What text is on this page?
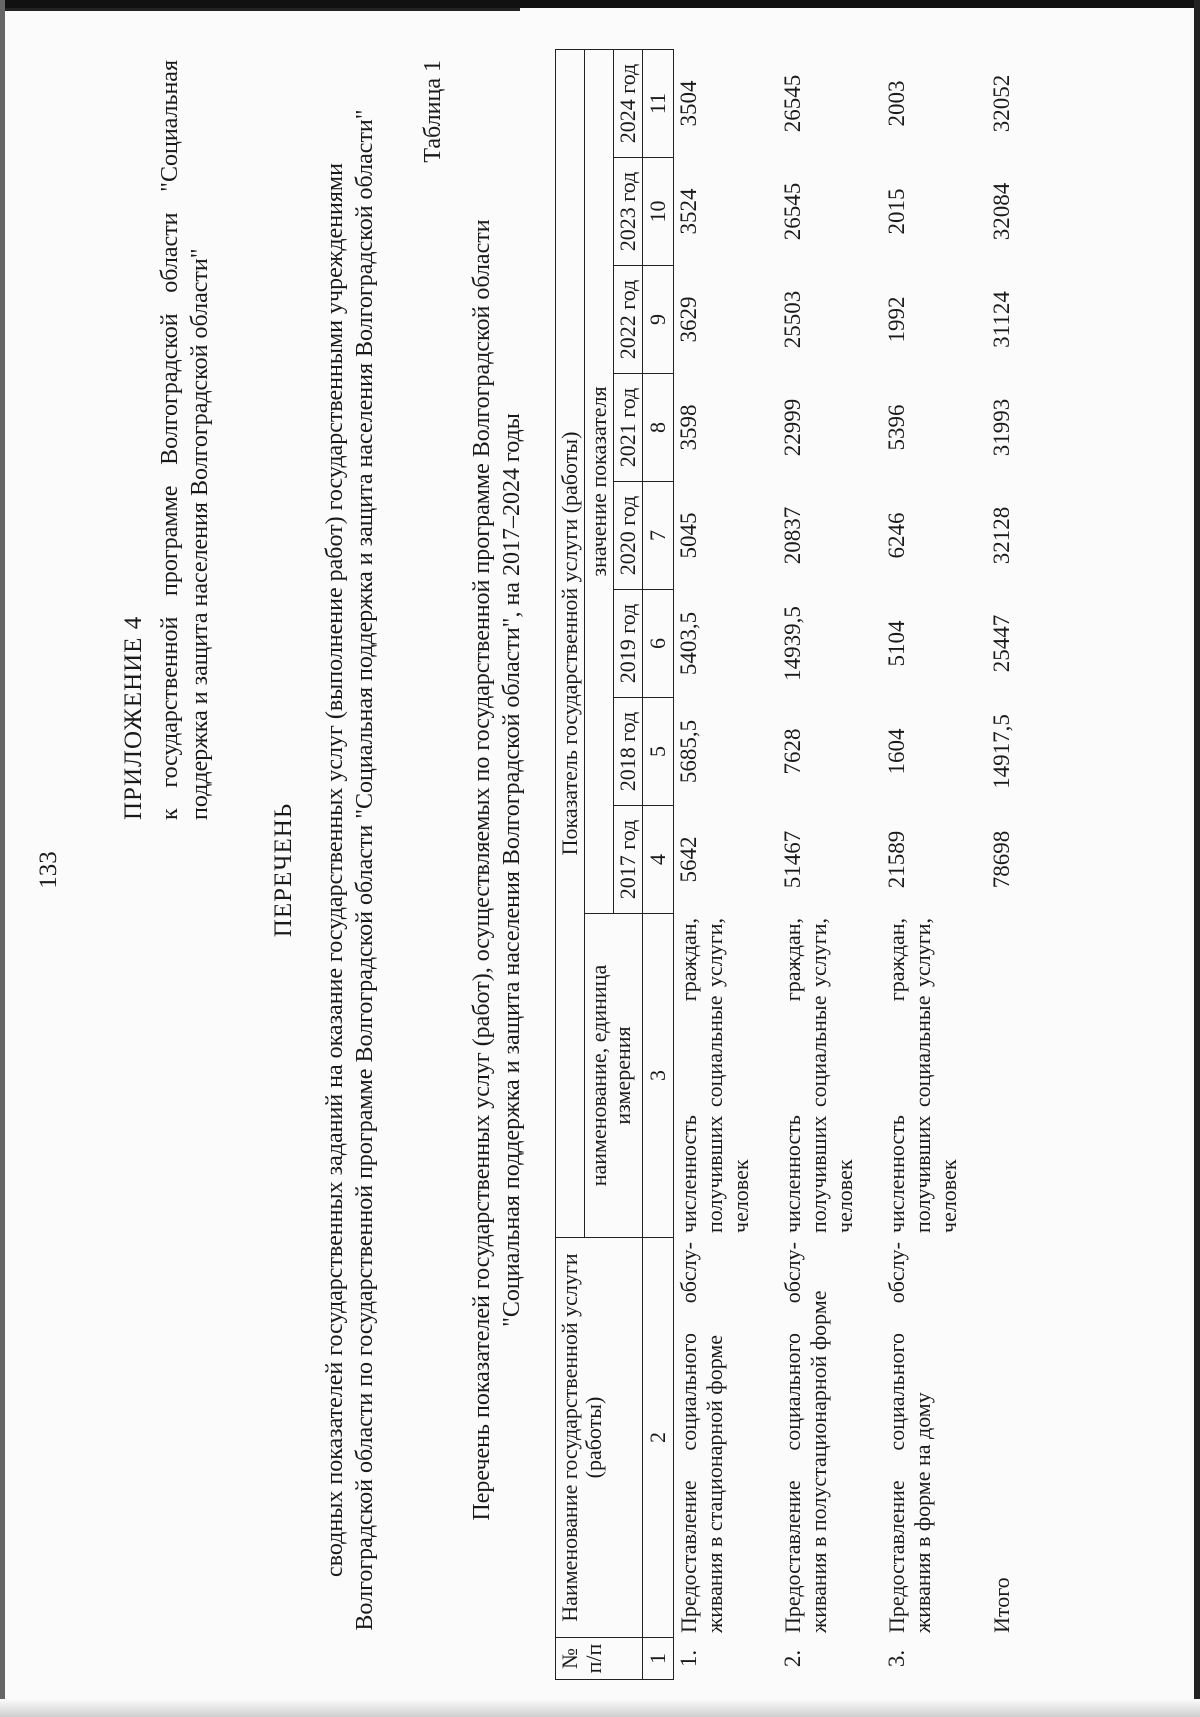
133
ПРИЛОЖЕНИЕ 4 к государственной программе Волгоградской области "Социальная поддержка и защита населения Волгоградской области"
ПЕРЕЧЕНЬ сводных показателей государственных заданий на оказание государственных услуг (выполнение работ) государственными учреждениями Волгоградской области по государственной программе Волгоградской области "Социальная поддержка и защита населения Волгоградской области" Таблица 1
Перечень показателей государственных услуг (работ), осуществляемых по государственной программе Волгоградской области "Социальная поддержка и защита населения Волгоградской области", на 2017–2024 годы
№ п/п	Наименование государственной услуги (работы)	Показатель государственной услуги (работы)								
		наименование, единица измерения	значение показателя							
			2017 год	2018 год	2019 год	2020 год	2021 год	2022 год	2023 год	2024 год
1	2	3	4	5	6	7	8	9	10	11
1.	Предоставление социального обслу-живания в стационарной форме	численность граждан, получивших социальные услуги, человек	5642	5685,5	5403,5	5045	3598	3629	3524	3504
2.	Предоставление социального обслу-живания в полустационарной форме	численность граждан, получивших социальные услуги, человек	51467	7628	14939,5	20837	22999	25503	26545	26545
3.	Предоставление социального обслу-живания в форме на дому	численность граждан, получивших социальные услуги, человек	21589	1604	5104	6246	5396	1992	2015	2003
	Итого		78698	14917,5	25447	32128	31993	31124	32084	32052
